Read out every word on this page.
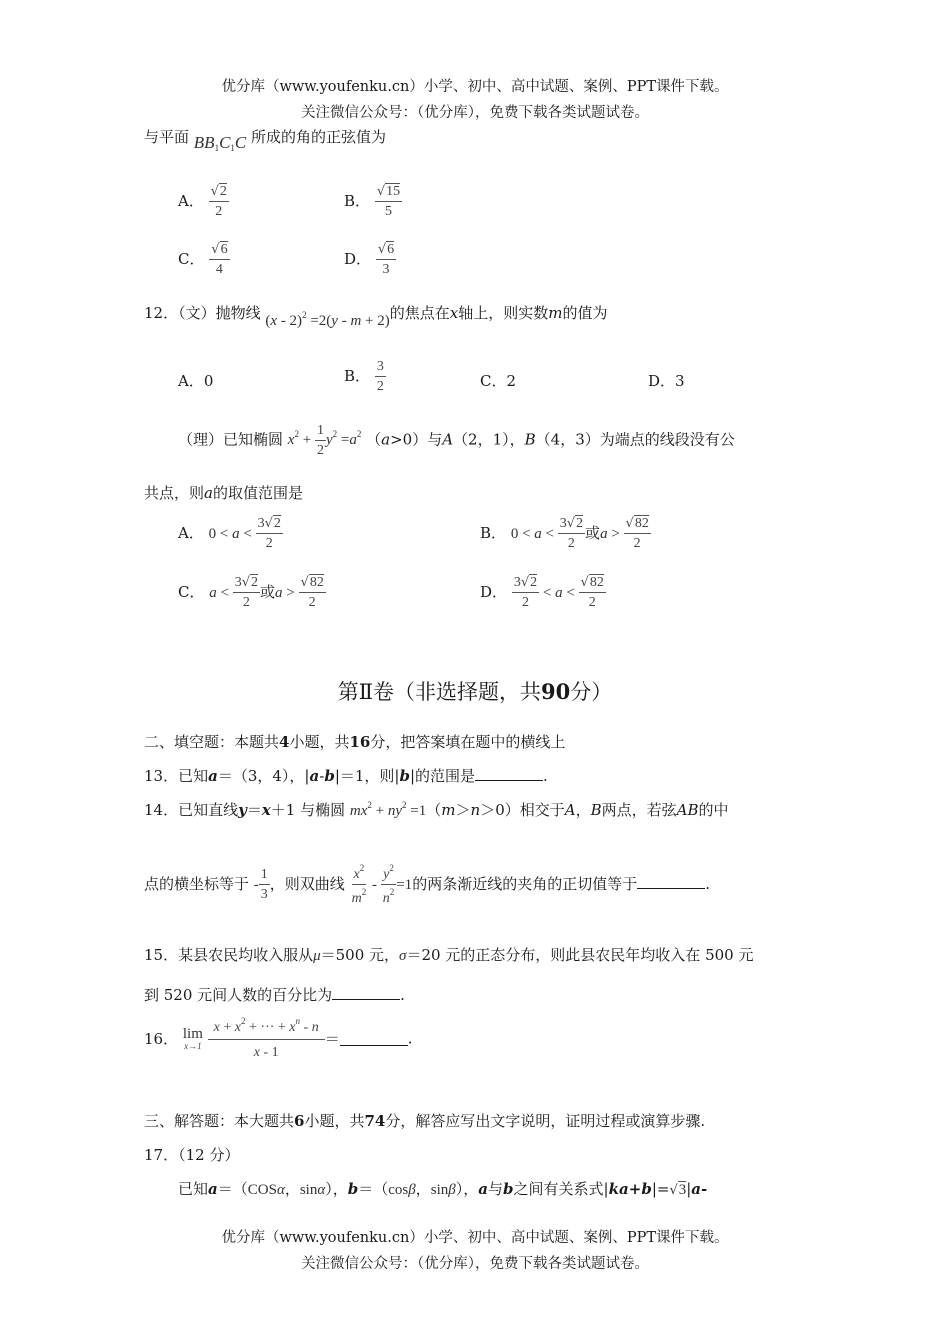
优分库（www.youfenku.cn）小学、初中、高中试题、案例、PPT课件下载。
关注微信公众号：（优分库），免费下载各类试题试卷。
与平面 $BB_1C_1C$ 所成的角的正弦值为
A． $\frac{√2}{2}$	B． $\frac{√15}{5}$
C． $\frac{√6}{4}$	D． $\frac{√6}{3}$
12．（文）抛物线 (x - 2)$^2$ =2(y - m + 2)的焦点在x轴上，则实数m的值为
A．0	B． $\frac{3}{2}$	C．2	D．3
（理）已知椭圆 $x^2 + \frac{1}{2} y^2 =a^2$ （a>0）与A（2，1），B（4，3）为端点的线段没有公
共点，则a的取值范围是
A． $0 < a < \frac{3√2}{2}$	B． $0 < a < \frac{3√2}{2}$ 或$a > \frac{√82}{2}$
C． $a < \frac{3√2}{2}$ 或$a > \frac{√82}{2}$	D． $\frac{3√2}{2} < a < \frac{√82}{2}$
第Ⅱ卷（非选择题，共90分）
二、填空题：本题共4小题，共16分，把答案填在题中的横线上
13．已知a＝（3，4），|a-b|＝1，则|b|的范围是	.
14．已知直线y＝x＋1 与椭圆 $mx^2 + ny^2 =1(m>n>0)$相交于A，B两点，若弦AB的中
点的横坐标等于 - $\frac{1}{3}$ ，则双曲线 $\frac{x^2}{m^2} - \frac{y^2}{n^2} =1$的两条渐近线的夹角的正切值等于	.
15．某县农民均收入服从μ＝500 元，σ＝20 元的正态分布，则此县农民年均收入在 500 元
到 520 元间人数的百分比为	.
16． lim
x→1
$\frac{x + x^2 + \cdot\cdot\cdot + x^n - n}{x - 1}$ ＝	.
三、解答题：本大题共6小题，共74分，解答应写出文字说明，证明过程或演算步骤.
17．（12 分）
已知a＝（COSα，sinα），b＝（cosβ，sinβ），a与b之间有关系式|ka+b|=√3|a-
优分库（www.youfenku.cn）小学、初中、高中试题、案例、PPT课件下载。
关注微信公众号：（优分库），免费下载各类试题试卷。
